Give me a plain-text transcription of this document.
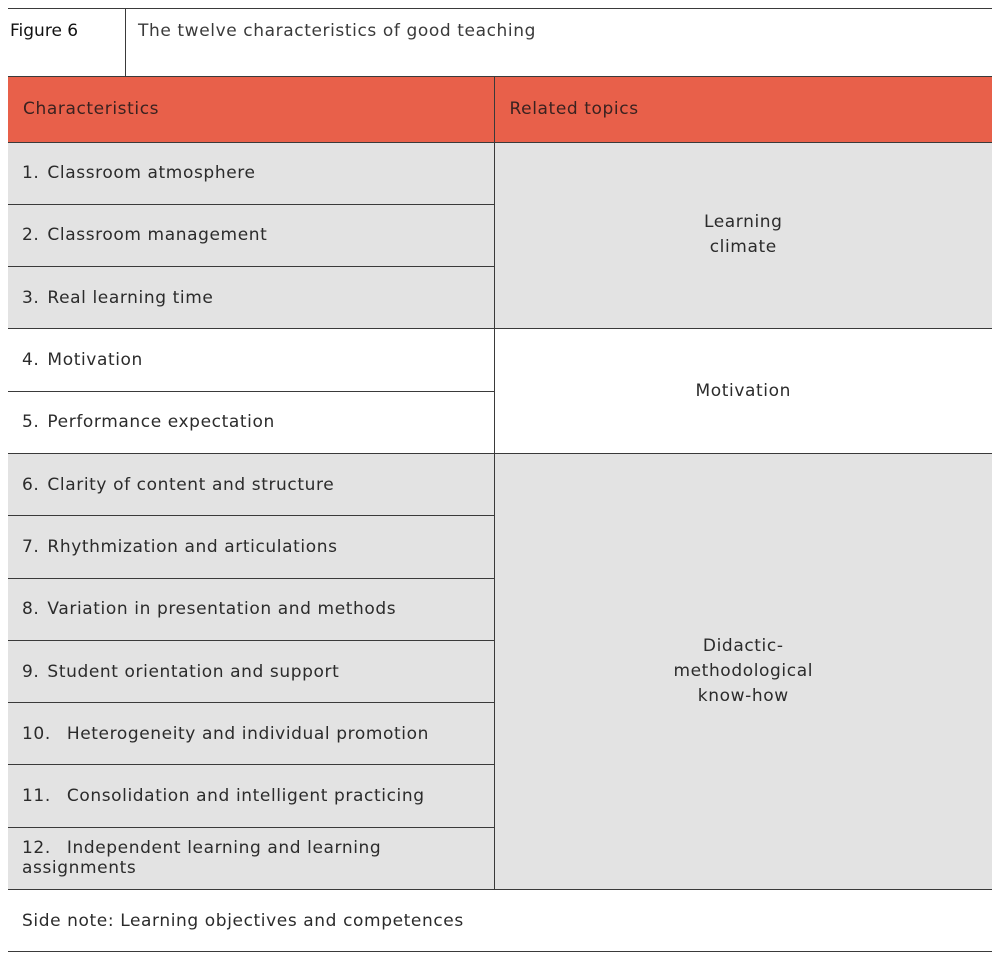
Figure 6	The twelve characteristics of good teaching
Characteristics	Related topics
1. Classroom atmosphere	Learning climate
2. Classroom management	
3. Real learning time	
4. Motivation	Motivation
5. Performance expectation	
6. Clarity of content and structure	Didactic-methodological know-how
7. Rhythmization and articulations	
8. Variation in presentation and methods	
9. Student orientation and support	
10. Heterogeneity and individual promotion	
11. Consolidation and intelligent practicing	
12. Independent learning and learning assignments	
Side note: Learning objectives and competences
